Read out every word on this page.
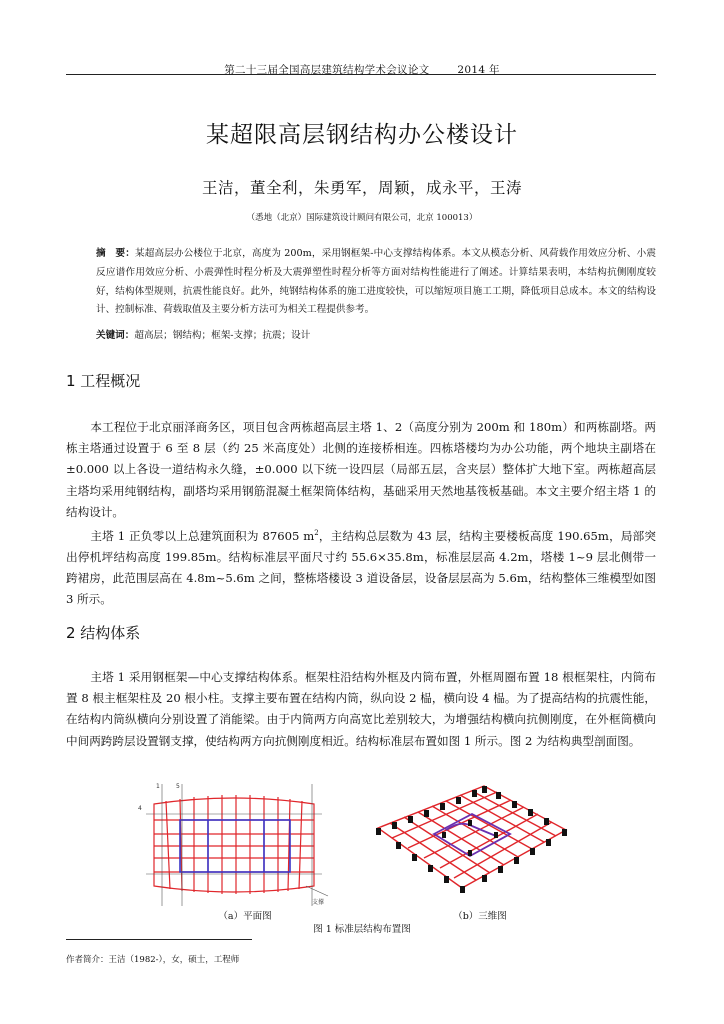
第二十三届全国高层建筑结构学术会议论文	2014 年
某超限高层钢结构办公楼设计
王洁，董全利，朱勇军，周颖，成永平，王涛
（悉地（北京）国际建筑设计顾问有限公司，北京 100013）
摘　要：某超高层办公楼位于北京，高度为 200m，采用钢框架-中心支撑结构体系。本文从模态分析、风荷载作用效应分析、小震反应谱作用效应分析、小震弹性时程分析及大震弹塑性时程分析等方面对结构性能进行了阐述。计算结果表明，本结构抗侧刚度较好，结构体型规则，抗震性能良好。此外，纯钢结构体系的施工进度较快，可以缩短项目施工工期，降低项目总成本。本文的结构设计、控制标准、荷载取值及主要分析方法可为相关工程提供参考。
关键词：超高层；钢结构；框架-支撑；抗震；设计
1 工程概况

本工程位于北京丽泽商务区，项目包含两栋超高层主塔 1、2（高度分别为 200m 和 180m）和两栋副塔。两栋主塔通过设置于 6 至 8 层（约 25 米高度处）北侧的连接桥相连。四栋塔楼均为办公功能，两个地块主副塔在±0.000 以上各设一道结构永久缝，±0.000 以下统一设四层（局部五层，含夹层）整体扩大地下室。两栋超高层主塔均采用纯钢结构，副塔均采用钢筋混凝土框架筒体结构，基础采用天然地基筏板基础。本文主要介绍主塔 1 的结构设计。

主塔 1 正负零以上总建筑面积为 87605 $m^2$，主结构总层数为 43 层，结构主要楼板高度 190.65m，局部突出停机坪结构高度 199.85m。结构标准层平面尺寸约 55.6×35.8m，标准层层高 4.2m，塔楼 1~9 层北侧带一跨裙房，此范围层高在 4.8m~5.6m 之间，整栋塔楼设 3 道设备层，设备层层高为 5.6m，结构整体三维模型如图 3 所示。

2 结构体系

主塔 1 采用钢框架—中心支撑结构体系。框架柱沿结构外框及内筒布置，外框周圈布置 18 根框架柱，内筒布置 8 根主框架柱及 20 根小柱。支撑主要布置在结构内筒，纵向设 2 榀，横向设 4 榀。为了提高结构的抗震性能，在结构内筒纵横向分别设置了消能梁。由于内筒两方向高宽比差别较大，为增强结构横向抗侧刚度，在外框筒横向中间两跨跨层设置钢支撑，使结构两方向抗侧刚度相近。结构标准层布置如图 1 所示。图 2 为结构典型剖面图。

1	5
4
支撑
（a）平面图	（b）三维图
图 1 标准层结构布置图
作者简介：王洁（1982-），女，硕士，工程师
